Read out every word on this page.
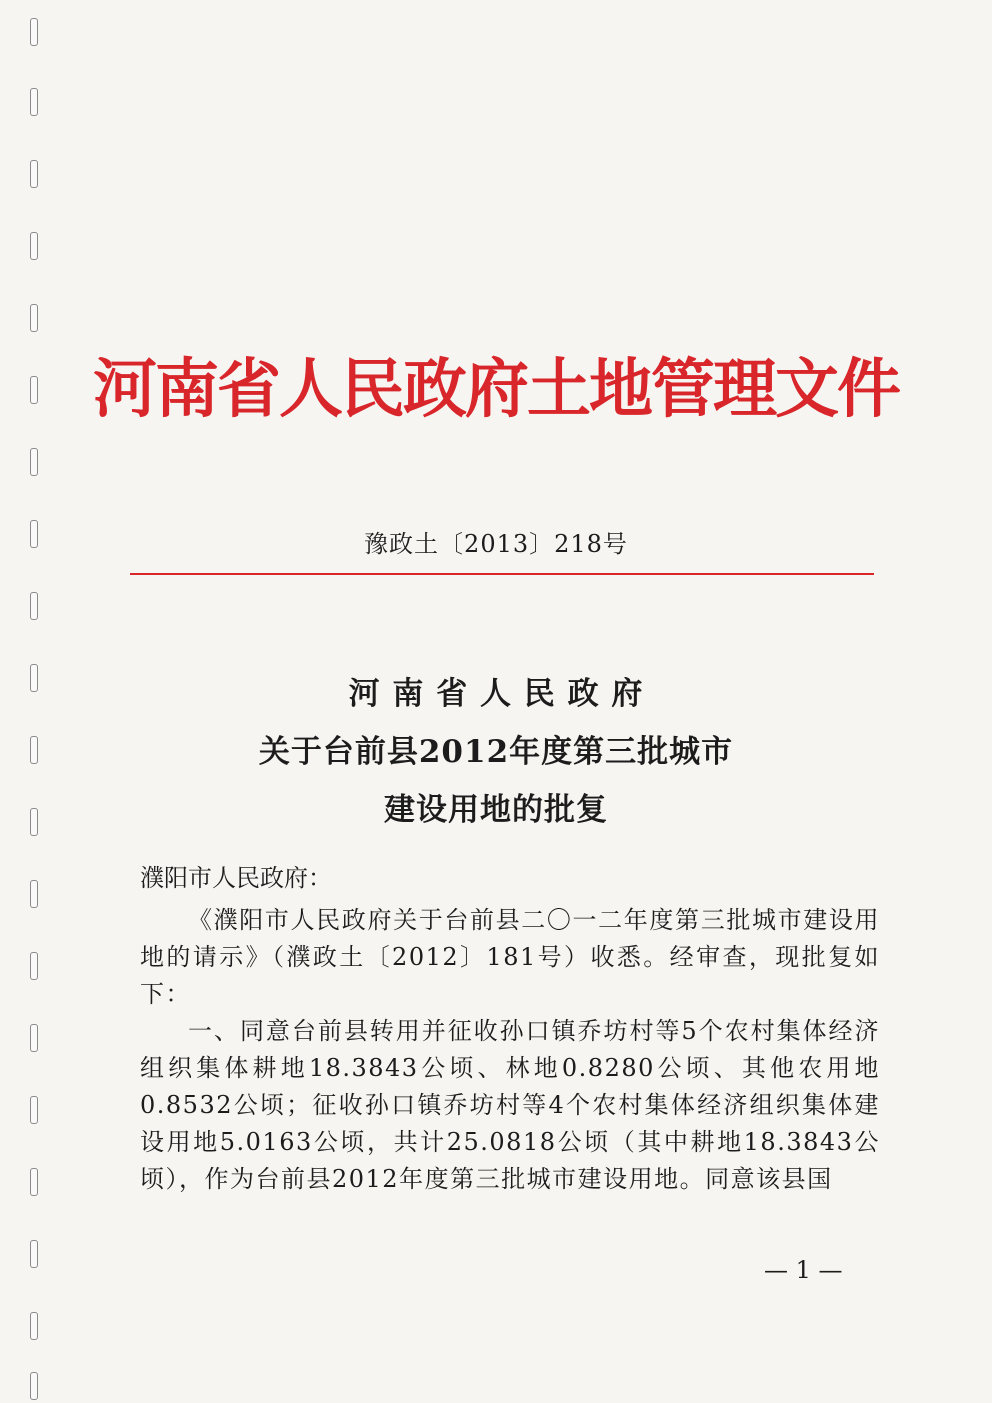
河南省人民政府土地管理文件
豫政土〔2013〕218号
河 南 省 人 民 政 府
关于台前县2012年度第三批城市
建设用地的批复
濮阳市人民政府：

《濮阳市人民政府关于台前县二〇一二年度第三批城市建设用地的请示》（濮政土〔2012〕181号）收悉。经审查，现批复如下：

一、同意台前县转用并征收孙口镇乔坊村等5个农村集体经济组织集体耕地18.3843公顷、林地0.8280公顷、其他农用地0.8532公顷；征收孙口镇乔坊村等4个农村集体经济组织集体建设用地5.0163公顷，共计25.0818公顷（其中耕地18.3843公顷），作为台前县2012年度第三批城市建设用地。同意该县国

— 1 —
